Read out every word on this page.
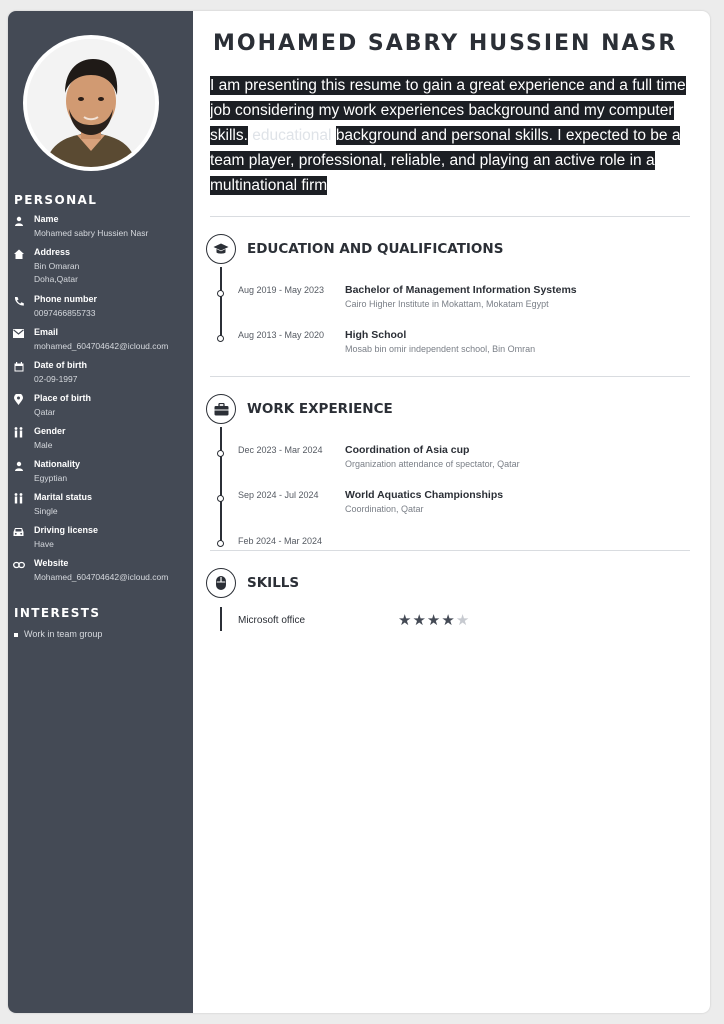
PERSONAL
Name
Mohamed sabry Hussien Nasr
Address
Bin Omaran
Doha,Qatar
Phone number
0097466855733
Email
mohamed_604704642@icloud.com
Date of birth
02-09-1997
Place of birth
Qatar
Gender
Male
Nationality
Egyptian
Marital status
Single
Driving license
Have
Website
Mohamed_604704642@icloud.com
INTERESTS
Work in team group
MOHAMED SABRY HUSSIEN NASR
I am presenting this resume to gain a great experience and a full time job considering my work experiences background and my computer skills. educational background and personal skills. I expected to be a team player, professional, reliable, and playing an active role in a multinational firm
EDUCATION AND QUALIFICATIONS
Aug 2019 - May 2023 Bachelor of Management Information Systems
Cairo Higher Institute in Mokattam, Mokatam Egypt
Aug 2013 - May 2020 High School
Mosab bin omir independent school, Bin Omran
WORK EXPERIENCE
Dec 2023 - Mar 2024 Coordination of Asia cup
Organization attendance of spectator, Qatar
Sep 2024 - Jul 2024	World Aquatics Championships
Coordination, Qatar
Feb 2024 - Mar 2024
SKILLS
Microsoft office	★★★★★
